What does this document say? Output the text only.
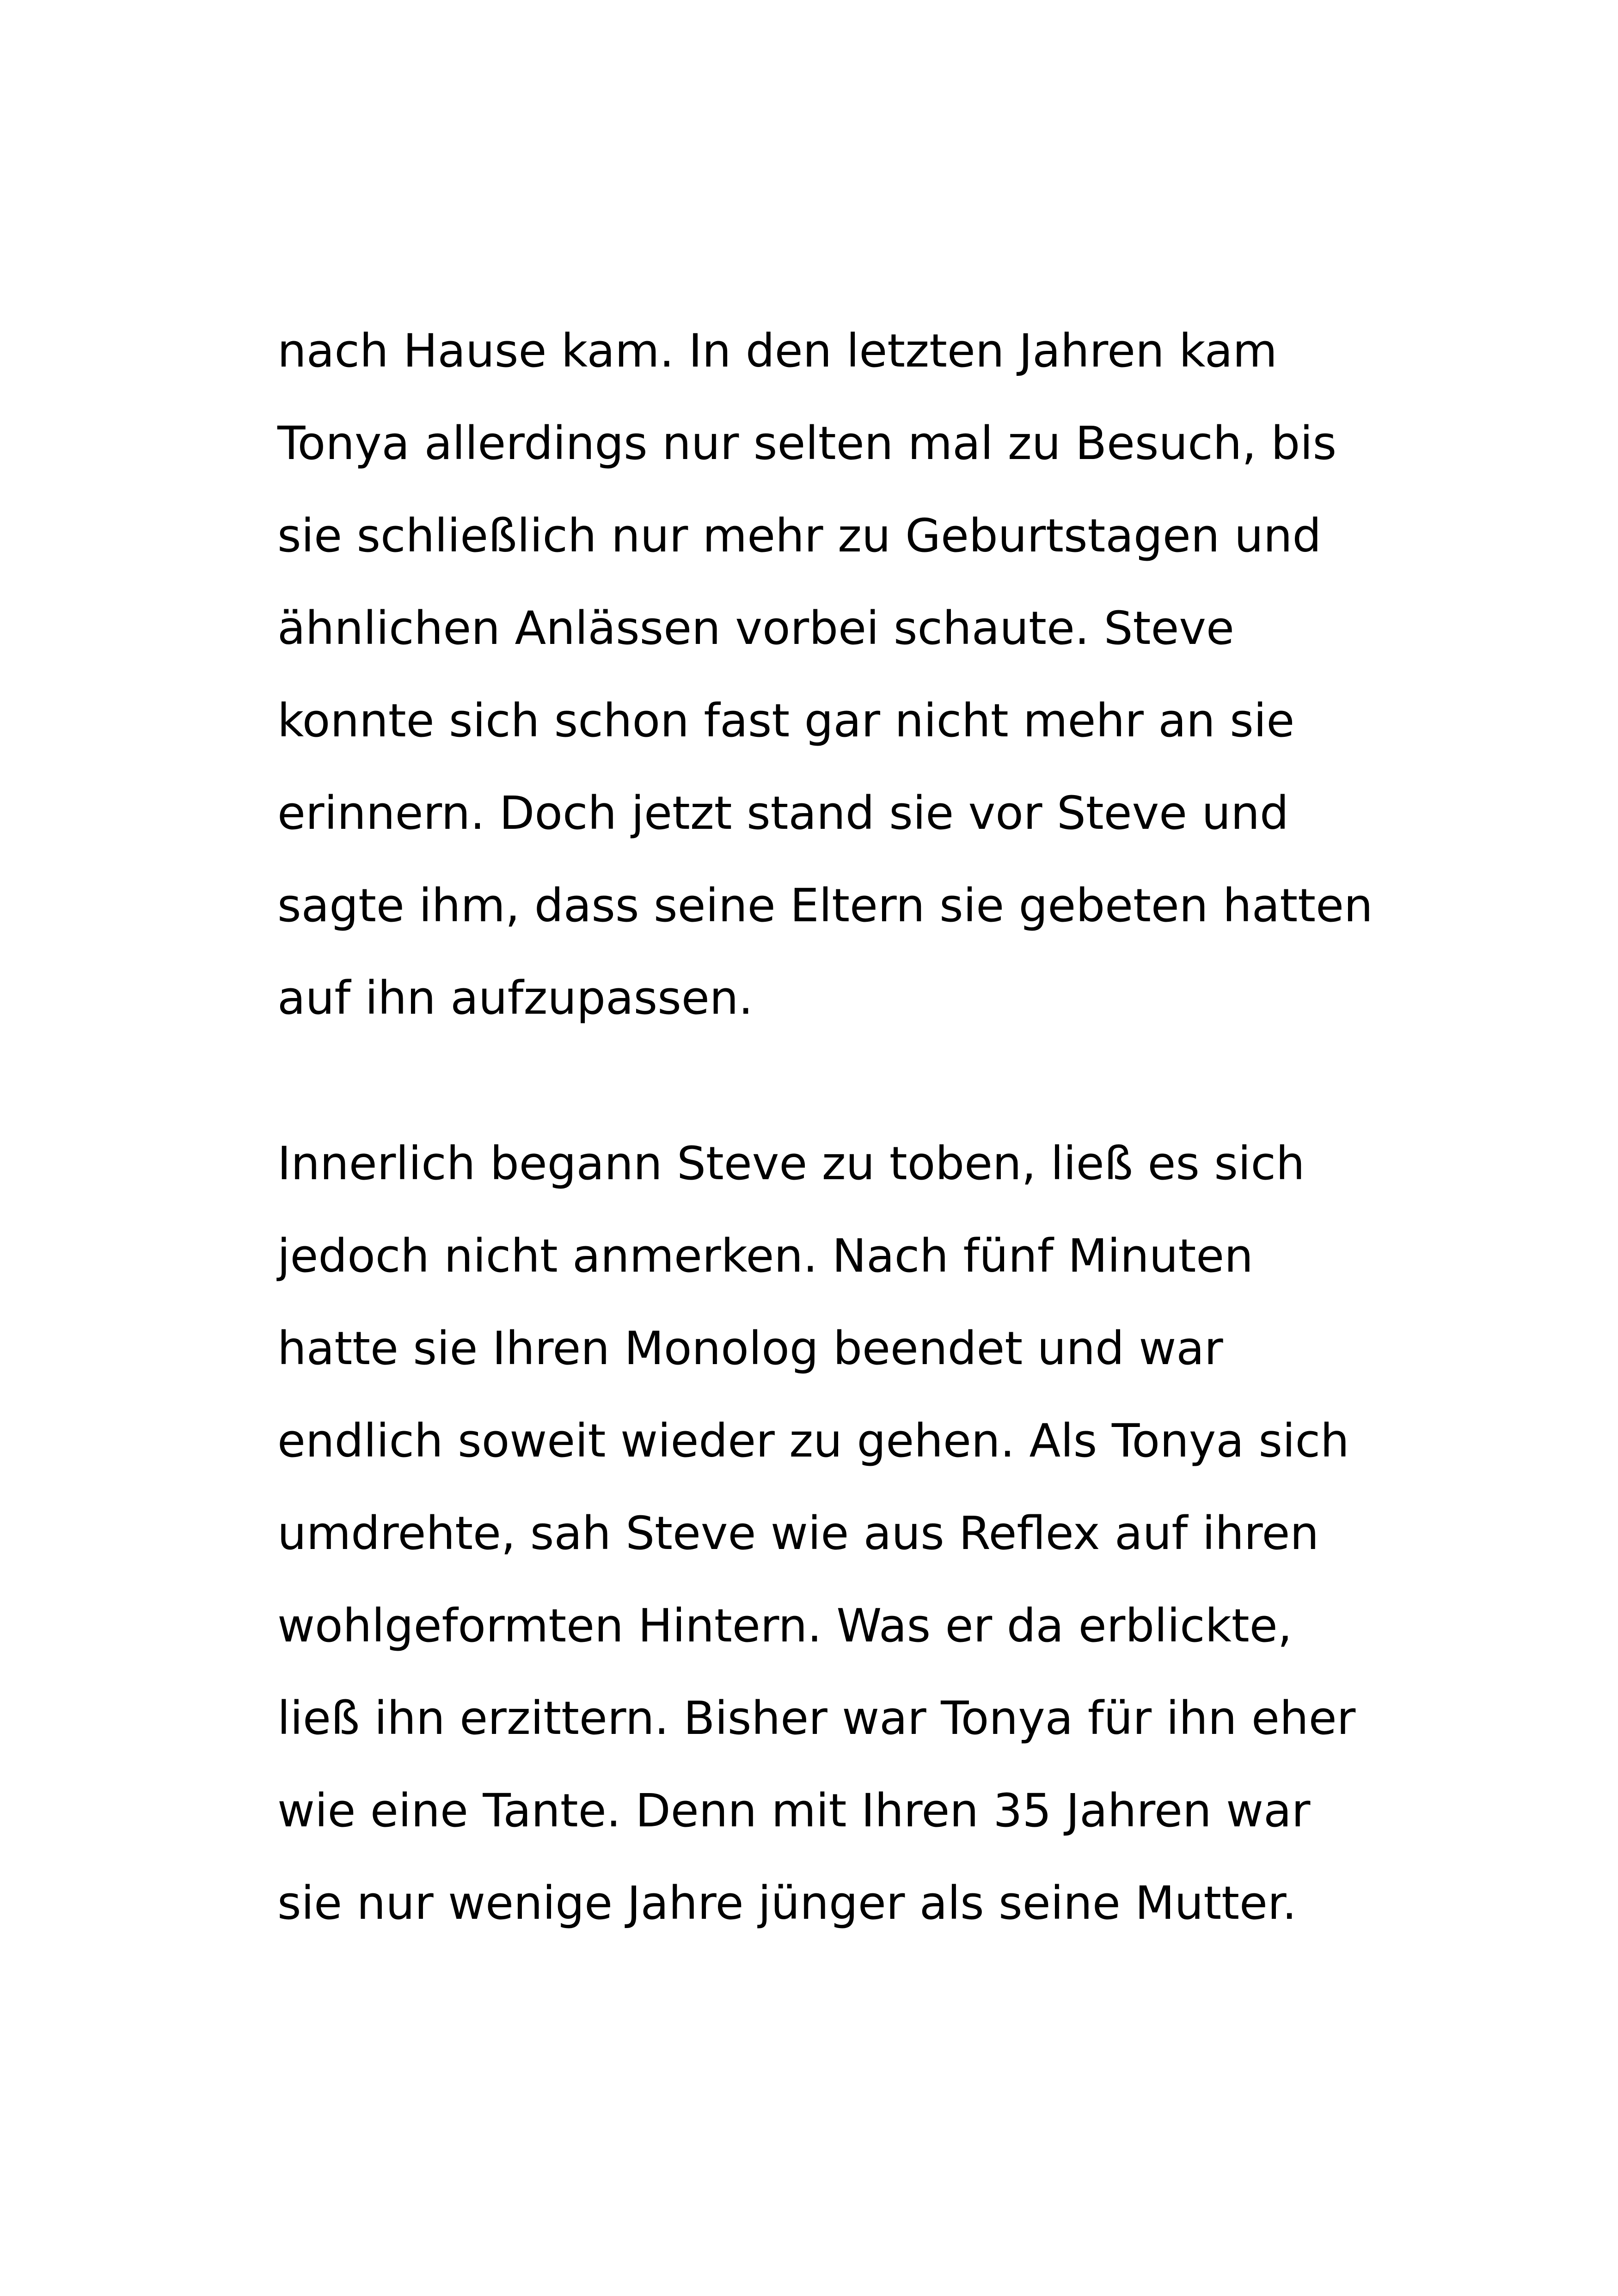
nach Hause kam. In den letzten Jahren kam
Tonya allerdings nur selten mal zu Besuch, bis
sie schließlich nur mehr zu Geburtstagen und
ähnlichen Anlässen vorbei schaute. Steve
konnte sich schon fast gar nicht mehr an sie
erinnern. Doch jetzt stand sie vor Steve und
sagte ihm, dass seine Eltern sie gebeten hatten
auf ihn aufzupassen.
Innerlich begann Steve zu toben, ließ es sich
jedoch nicht anmerken. Nach fünf Minuten
hatte sie Ihren Monolog beendet und war
endlich soweit wieder zu gehen. Als Tonya sich
umdrehte, sah Steve wie aus Reflex auf ihren
wohlgeformten Hintern. Was er da erblickte,
ließ ihn erzittern. Bisher war Tonya für ihn eher
wie eine Tante. Denn mit Ihren 35 Jahren war
sie nur wenige Jahre jünger als seine Mutter.
